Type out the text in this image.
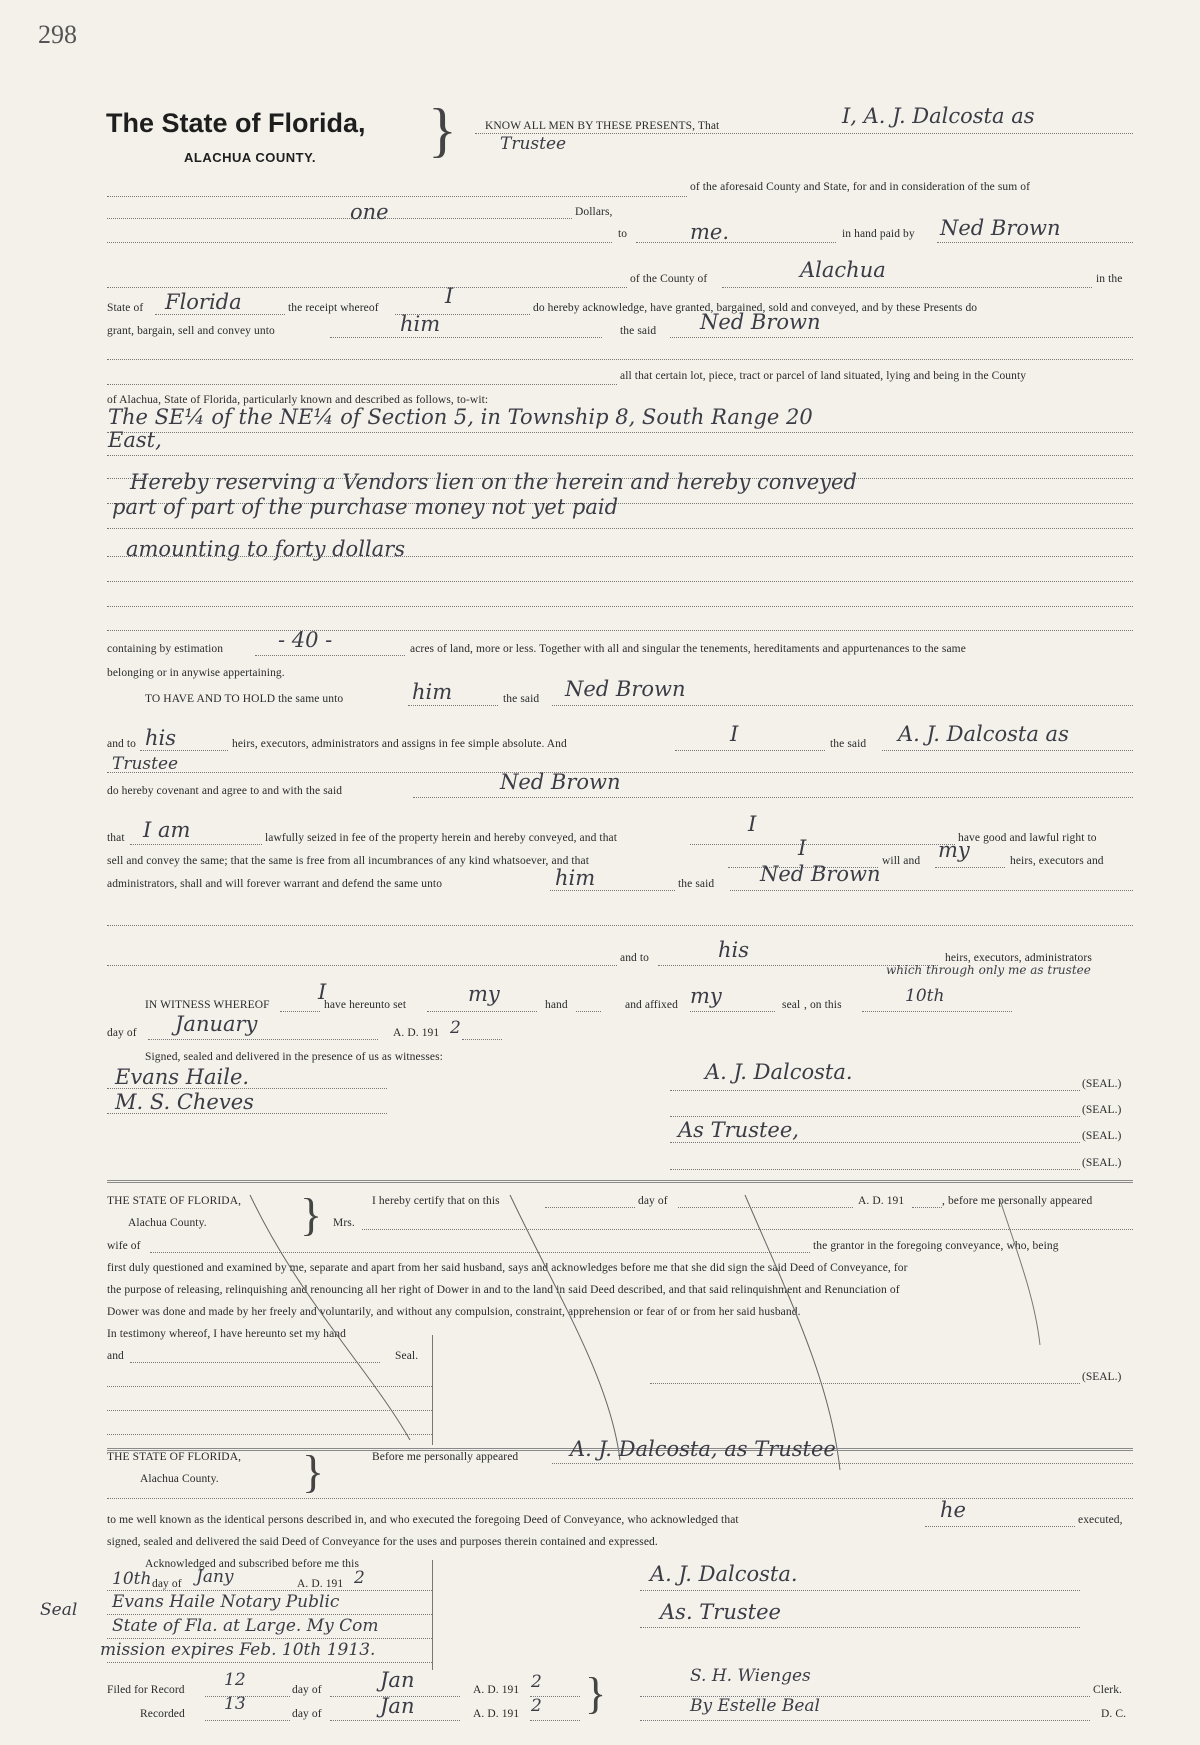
298
The State of Florida,
ALACHUA COUNTY. } KNOW ALL MEN BY THESE PRESENTS, That	I, A. J. Dalcosta as
Trustee
of the aforesaid County and State, for and in consideration of the sum of
one	Dollars,
to	me.	in hand paid by Ned Brown
of the County of	Alachua	in the
State of Florida	the receipt whereof	I	do hereby acknowledge, have granted, bargained, sold and conveyed, and by these Presents do
grant, bargain, sell and convey unto	him	the said Ned Brown
all that certain lot, piece, tract or parcel of land situated, lying and being in the County
of Alachua, State of Florida, particularly known and described as follows, to-wit:
The SE¼ of the NE¼ of Section 5, in Township 8, South Range 20
East,
Hereby reserving a Vendors lien on the herein and hereby conveyed
part of part of the purchase money not yet paid
amounting to forty dollars
containing by estimation	- 40 -	acres of land, more or less. Together with all and singular the tenements, hereditaments and appurtenances to the same
belonging or in anywise appertaining.
TO HAVE AND TO HOLD the same unto	him	the said Ned Brown
and to his	heirs, executors, administrators and assigns in fee simple absolute. And	I	the said A. J. Dalcosta as
Trustee
do hereby covenant and agree to and with the said	Ned Brown
that I am	lawfully seized in fee of the property herein and hereby conveyed, and that
I
have good and lawful right to
sell and convey the same; that the same is free from all incumbrances of any kind whatsoever, and that
I
will and my	heirs, executors and
administrators, shall and will forever warrant and defend the same unto	him	the said Ned Brown
and to	his	heirs, executors, administrators
which through only me as trustee
IN WITNESS WHEREOF
I
have hereunto set	my	hand	and affixed my	seal , on this	10th
day of January	A. D. 191 2
Signed, sealed and delivered in the presence of us as witnesses:
Evans Haile.
M. S. Cheves
A. J. Dalcosta.	(SEAL.)
(SEAL.)
As Trustee,	(SEAL.)
(SEAL.)
THE STATE OF FLORIDA,
Alachua County. }	I hereby certify that on this	day of	A. D. 191	, before me personally appeared
Mrs.
wife of	the grantor in the foregoing conveyance, who, being
first duly questioned and examined by me, separate and apart from her said husband, says and acknowledges before me that she did sign the said Deed of Conveyance, for
the purpose of releasing, relinquishing and renouncing all her right of Dower in and to the land in said Deed described, and that said relinquishment and Renunciation of
Dower was done and made by her freely and voluntarily, and without any compulsion, constraint, apprehension or fear of or from her said husband.
In testimony whereof, I have hereunto set my hand
and	Seal.
(SEAL.)
THE STATE OF FLORIDA,
Alachua County. }	Before me personally appeared A. J. Dalcosta, as Trustee
to me well known as the identical persons described in, and who executed the foregoing Deed of Conveyance, who acknowledged that	he	executed,
signed, sealed and delivered the said Deed of Conveyance for the uses and purposes therein contained and expressed.
Acknowledged and subscribed before me this
10th day of Jany	A. D. 191 2
Evans Haile Notary Public
State of Fla. at Large. My Com
mission expires Feb. 10th 1913.
Seal
A. J. Dalcosta.
As. Trustee
Filed for Record 12	day of	Jan	A. D. 191 2	S. H. Wienges
Clerk.
Recorded 13	day of	Jan	A. D. 191 2 }	By Estelle Beal	D. C.
